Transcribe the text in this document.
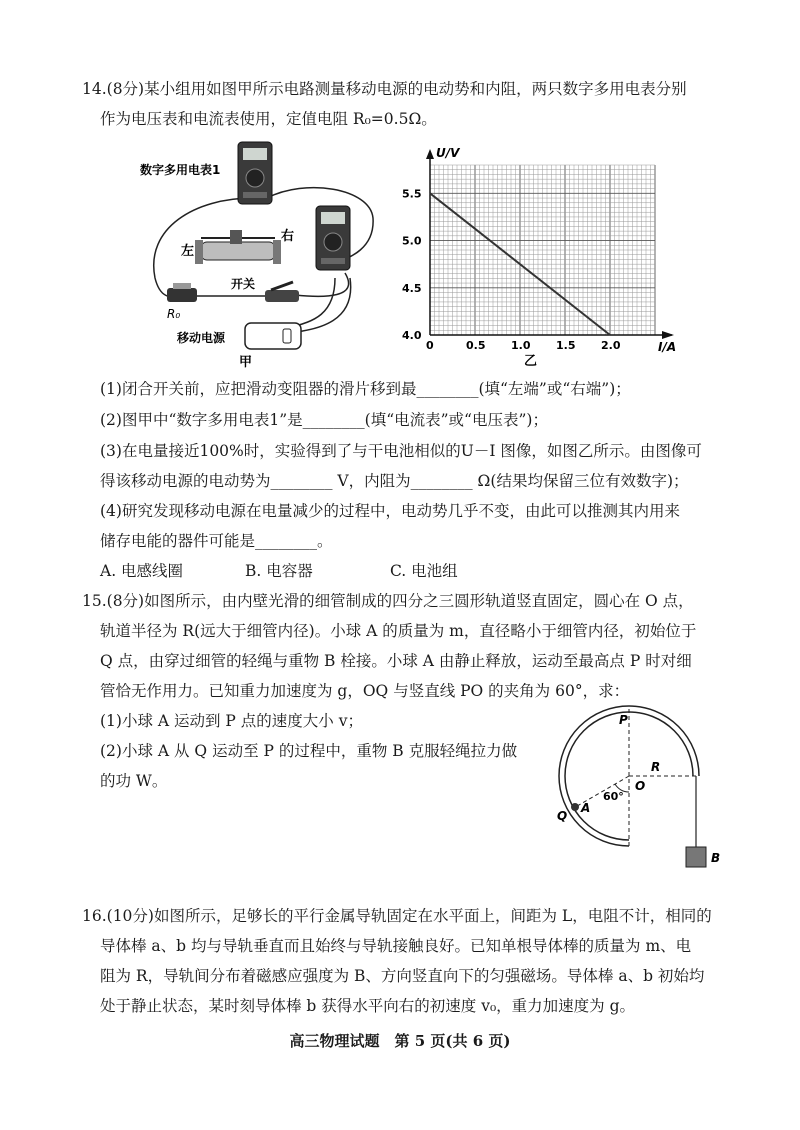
14.(8分)某小组用如图甲所示电路测量移动电源的电动势和内阻，两只数字多用电表分别
作为电压表和电流表使用，定值电阻 R₀=0.5Ω。
数字多用电表1
左
右
开关
R₀
移动电源
甲
0	0.5 1.0 1.5 2.0
4.0
4.5
5.0
5.5
U/V
I/A
乙
(1)闭合开关前，应把滑动变阻器的滑片移到最________(填“左端”或“右端”)；
(2)图甲中“数字多用电表1”是________(填“电流表”或“电压表”)；
(3)在电量接近100%时，实验得到了与干电池相似的U－I 图像，如图乙所示。由图像可
得该移动电源的电动势为________ V，内阻为________ Ω(结果均保留三位有效数字)；
(4)研究发现移动电源在电量减少的过程中，电动势几乎不变，由此可以推测其内用来
储存电能的器件可能是________。
A. 电感线圈	B. 电容器	C. 电池组
15.(8分)如图所示，由内壁光滑的细管制成的四分之三圆形轨道竖直固定，圆心在 O 点，
轨道半径为 R(远大于细管内径)。小球 A 的质量为 m，直径略小于细管内径，初始位于
Q 点，由穿过细管的轻绳与重物 B 栓接。小球 A 由静止释放，运动至最高点 P 时对细
管恰无作用力。已知重力加速度为 g，OQ 与竖直线 PO 的夹角为 60°，求：
(1)小球 A 运动到 P 点的速度大小 v；
(2)小球 A 从 Q 运动至 P 的过程中，重物 B 克服轻绳拉力做
的功 W。
P
O
R
Q
A
B
60°
16.(10分)如图所示，足够长的平行金属导轨固定在水平面上，间距为 L，电阻不计，相同的
导体棒 a、b 均与导轨垂直而且始终与导轨接触良好。已知单根导体棒的质量为 m、电
阻为 R，导轨间分布着磁感应强度为 B、方向竖直向下的匀强磁场。导体棒 a、b 初始均
处于静止状态，某时刻导体棒 b 获得水平向右的初速度 v₀，重力加速度为 g。
高三物理试题　第 5 页(共 6 页)
